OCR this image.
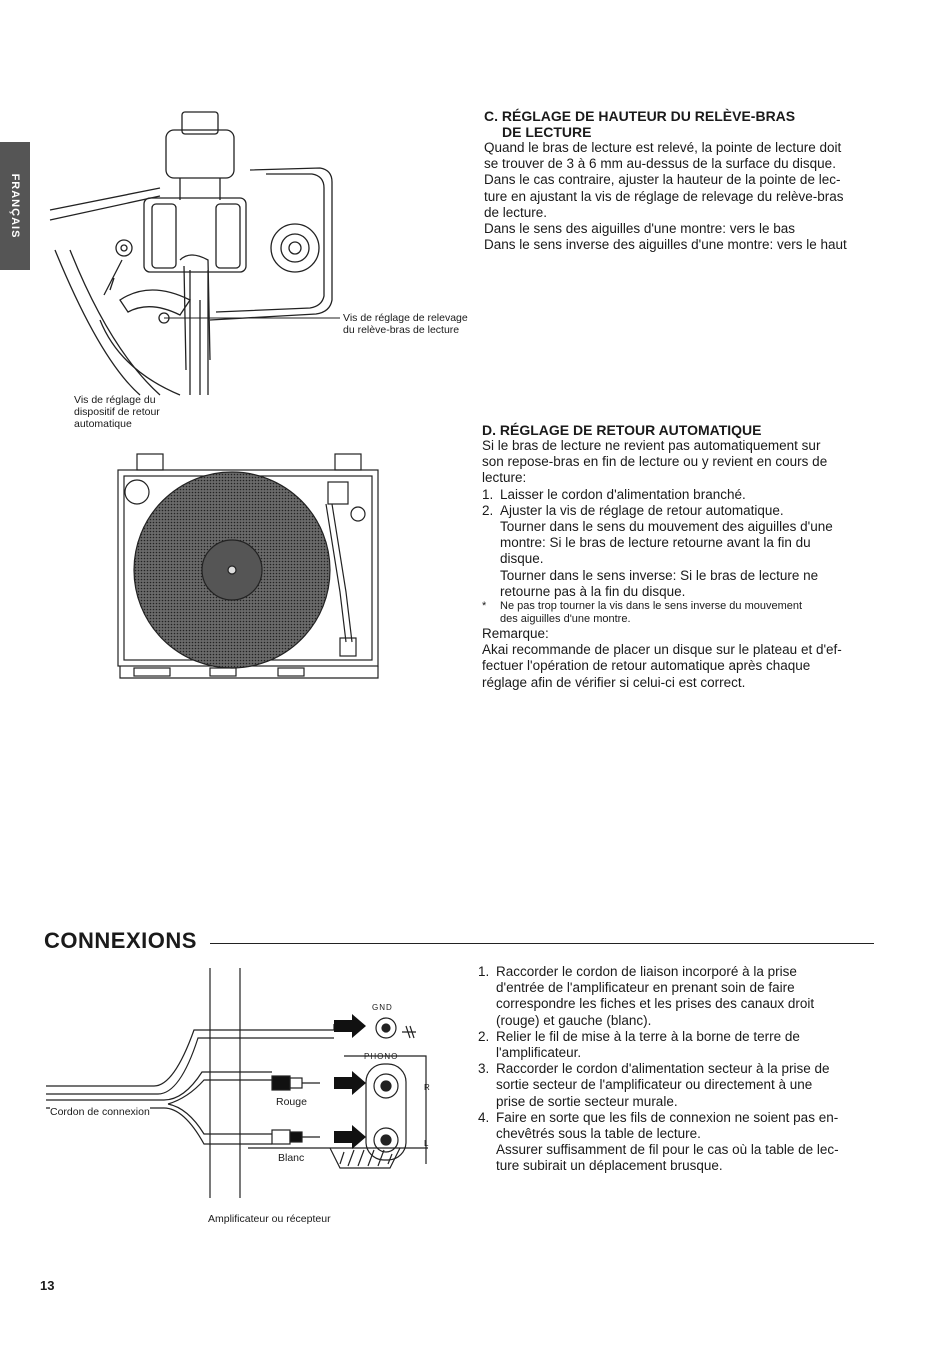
FRANÇAIS
Vis de réglage de relevage
du relève-bras de lecture
Vis de réglage du
dispositif de retour
automatique
C. RÉGLAGE DE HAUTEUR DU RELÈVE-BRAS
DE LECTURE
Quand le bras de lecture est relevé, la pointe de lecture doit
se trouver de 3 à 6 mm au-dessus de la surface du disque.
Dans le cas contraire, ajuster la hauteur de la pointe de lec-
ture en ajustant la vis de réglage de relevage du relève-bras
de lecture.
Dans le sens des aiguilles d'une montre: vers le bas
Dans le sens inverse des aiguilles d'une montre: vers le haut
D. RÉGLAGE DE RETOUR AUTOMATIQUE
Si le bras de lecture ne revient pas automatiquement sur
son repose-bras en fin de lecture ou y revient en cours de
lecture:
1. Laisser le cordon d'alimentation branché.
2. Ajuster la vis de réglage de retour automatique.
Tourner dans le sens du mouvement des aiguilles d'une
montre: Si le bras de lecture retourne avant la fin du
disque.
Tourner dans le sens inverse: Si le bras de lecture ne
retourne pas à la fin du disque.
* Ne pas trop tourner la vis dans le sens inverse du mouvement
des aiguilles d'une montre.
Remarque:
Akai recommande de placer un disque sur le plateau et d'ef-
fectuer l'opération de retour automatique après chaque
réglage afin de vérifier si celui-ci est correct.
CONNEXIONS
GND
PHONO
R
L
Rouge
Blanc
Cordon de connexion
Amplificateur ou récepteur
1. Raccorder le cordon de liaison incorporé à la prise
d'entrée de l'amplificateur en prenant soin de faire
correspondre les fiches et les prises des canaux droit
(rouge) et gauche (blanc).
2. Relier le fil de mise à la terre à la borne de terre de
l'amplificateur.
3. Raccorder le cordon d'alimentation secteur à la prise de
sortie secteur de l'amplificateur ou directement à une
prise de sortie secteur murale.
4. Faire en sorte que les fils de connexion ne soient pas en-
chevêtrés sous la table de lecture.
Assurer suffisamment de fil pour le cas où la table de lec-
ture subirait un déplacement brusque.
13
